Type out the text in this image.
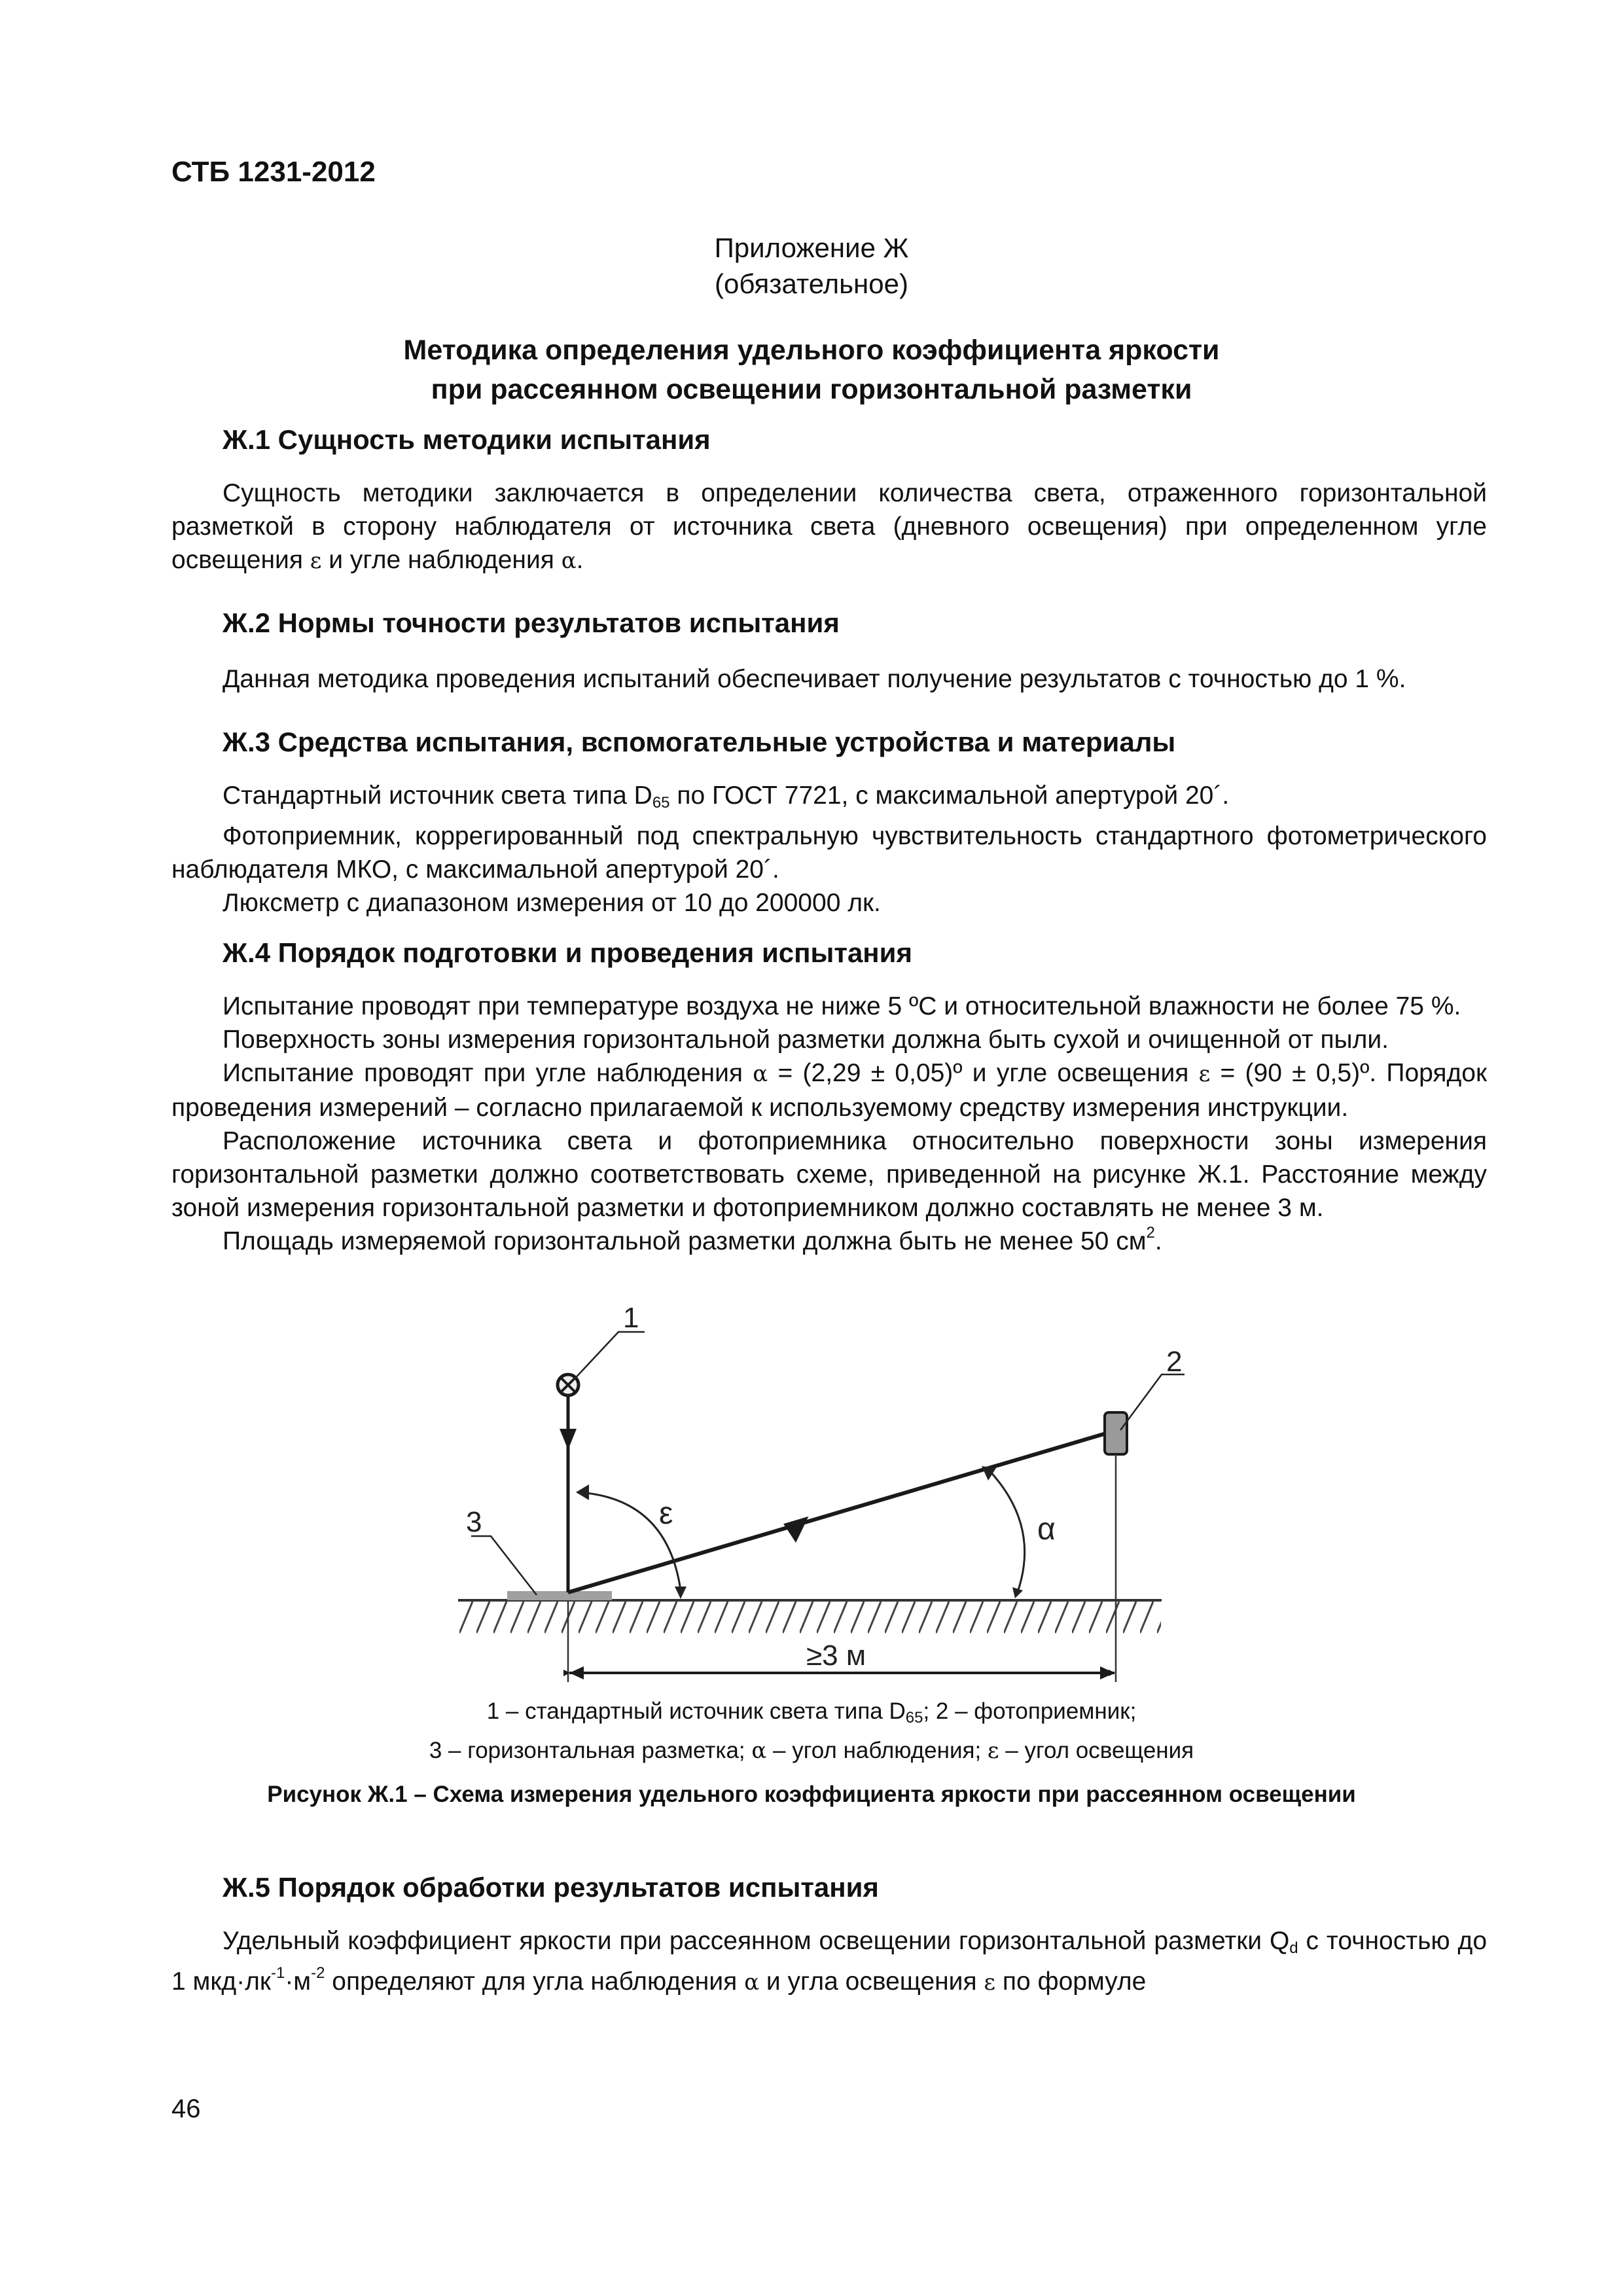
СТБ 1231-2012
Приложение Ж
(обязательное)
Методика определения удельного коэффициента яркости
при рассеянном освещении горизонтальной разметки
Ж.1 Сущность методики испытания

Сущность методики заключается в определении количества света, отраженного горизонтальной разметкой в сторону наблюдателя от источника света (дневного освещения) при определенном угле освещения ε и угле наблюдения α.

Ж.2 Нормы точности результатов испытания

Данная методика проведения испытаний обеспечивает получение результатов с точностью до 1 %.

Ж.3 Средства испытания, вспомогательные устройства и материалы

Стандартный источник света типа $D_{65}$ по ГОСТ 7721, с максимальной апертурой 20´.

Фотоприемник, коррегированный под спектральную чувствительность стандартного фотометрического наблюдателя МКО, с максимальной апертурой 20´.

Люксметр с диапазоном измерения от 10 до 200000 лк.

Ж.4 Порядок подготовки и проведения испытания

Испытание проводят при температуре воздуха не ниже 5 ºC и относительной влажности не более 75 %.

Поверхность зоны измерения горизонтальной разметки должна быть сухой и очищенной от пыли.

Испытание проводят при угле наблюдения α = (2,29 ± 0,05)º и угле освещения ε = (90 ± 0,5)º. Порядок проведения измерений – согласно прилагаемой к используемому средству измерения инструкции.

Расположение источника света и фотоприемника относительно поверхности зоны измерения горизонтальной разметки должно соответствовать схеме, приведенной на рисунке Ж.1. Расстояние между зоной измерения горизонтальной разметки и фотоприемником должно составлять не менее 3 м.

Площадь измеряемой горизонтальной разметки должна быть не менее 50 $см^2$.

1
2
3	ε	α
≥3 м
1 – стандартный источник света типа $D_{65}$; 2 – фотоприемник;
3 – горизонтальная разметка; α – угол наблюдения; ε – угол освещения
Рисунок Ж.1 – Схема измерения удельного коэффициента яркости при рассеянном освещении
Ж.5 Порядок обработки результатов испытания

Удельный коэффициент яркости при рассеянном освещении горизонтальной разметки $Q_d$ с точностью до 1 $мкд\cdot лк^{-1}\cdot м^{-2}$ определяют для угла наблюдения α и угла освещения ε по формуле

46
